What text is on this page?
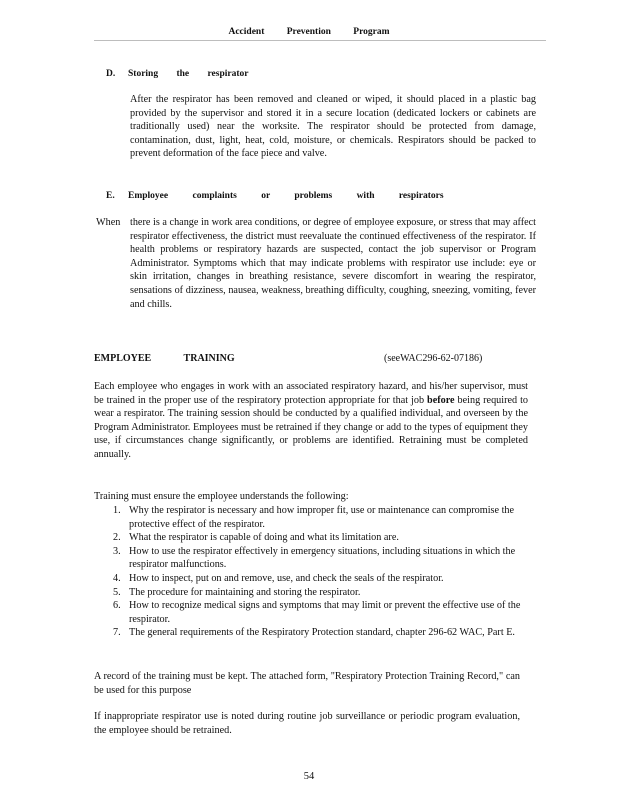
Accident Prevention Program
D. Storing the respirator
After the respirator has been removed and cleaned or wiped, it should placed in a plastic bag provided by the supervisor and stored it in a secure location (dedicated lockers or cabinets are traditionally used) near the worksite. The respirator should be protected from damage, contamination, dust, light, heat, cold, moisture, or chemicals. Respirators should be packed to prevent deformation of the face piece and valve.
E. Employee complaints or problems with respirators
When there is a change in work area conditions, or degree of employee exposure, or stress that may affect respirator effectiveness, the district must reevaluate the continued effectiveness of the respirator. If health problems or respiratory hazards are suspected, contact the job supervisor or Program Administrator. Symptoms which that may indicate problems with respirator use include: eye or skin irritation, changes in breathing resistance, severe discomfort in wearing the respirator, sensations of dizziness, nausea, weakness, breathing difficulty, coughing, sneezing, vomiting, fever and chills.
EMPLOYEE TRAINING	(seeWAC296-62-07186)
Each employee who engages in work with an associated respiratory hazard, and his/her supervisor, must be trained in the proper use of the respiratory protection appropriate for that job before being required to wear a respirator. The training session should be conducted by a qualified individual, and overseen by the Program Administrator. Employees must be retrained if they change or add to the types of equipment they use, if circumstances change significantly, or problems are identified. Retraining must be completed annually.
Training must ensure the employee understands the following:
1. Why the respirator is necessary and how improper fit, use or maintenance can compromise the protective effect of the respirator.
2. What the respirator is capable of doing and what its limitation are.
3. How to use the respirator effectively in emergency situations, including situations in which the respirator malfunctions.
4. How to inspect, put on and remove, use, and check the seals of the respirator.
5. The procedure for maintaining and storing the respirator.
6. How to recognize medical signs and symptoms that may limit or prevent the effective use of the respirator.
7. The general requirements of the Respiratory Protection standard, chapter 296-62 WAC, Part E.
A record of the training must be kept. The attached form, "Respiratory Protection Training Record," can be used for this purpose
If inappropriate respirator use is noted during routine job surveillance or periodic program evaluation, the employee should be retrained.
54
